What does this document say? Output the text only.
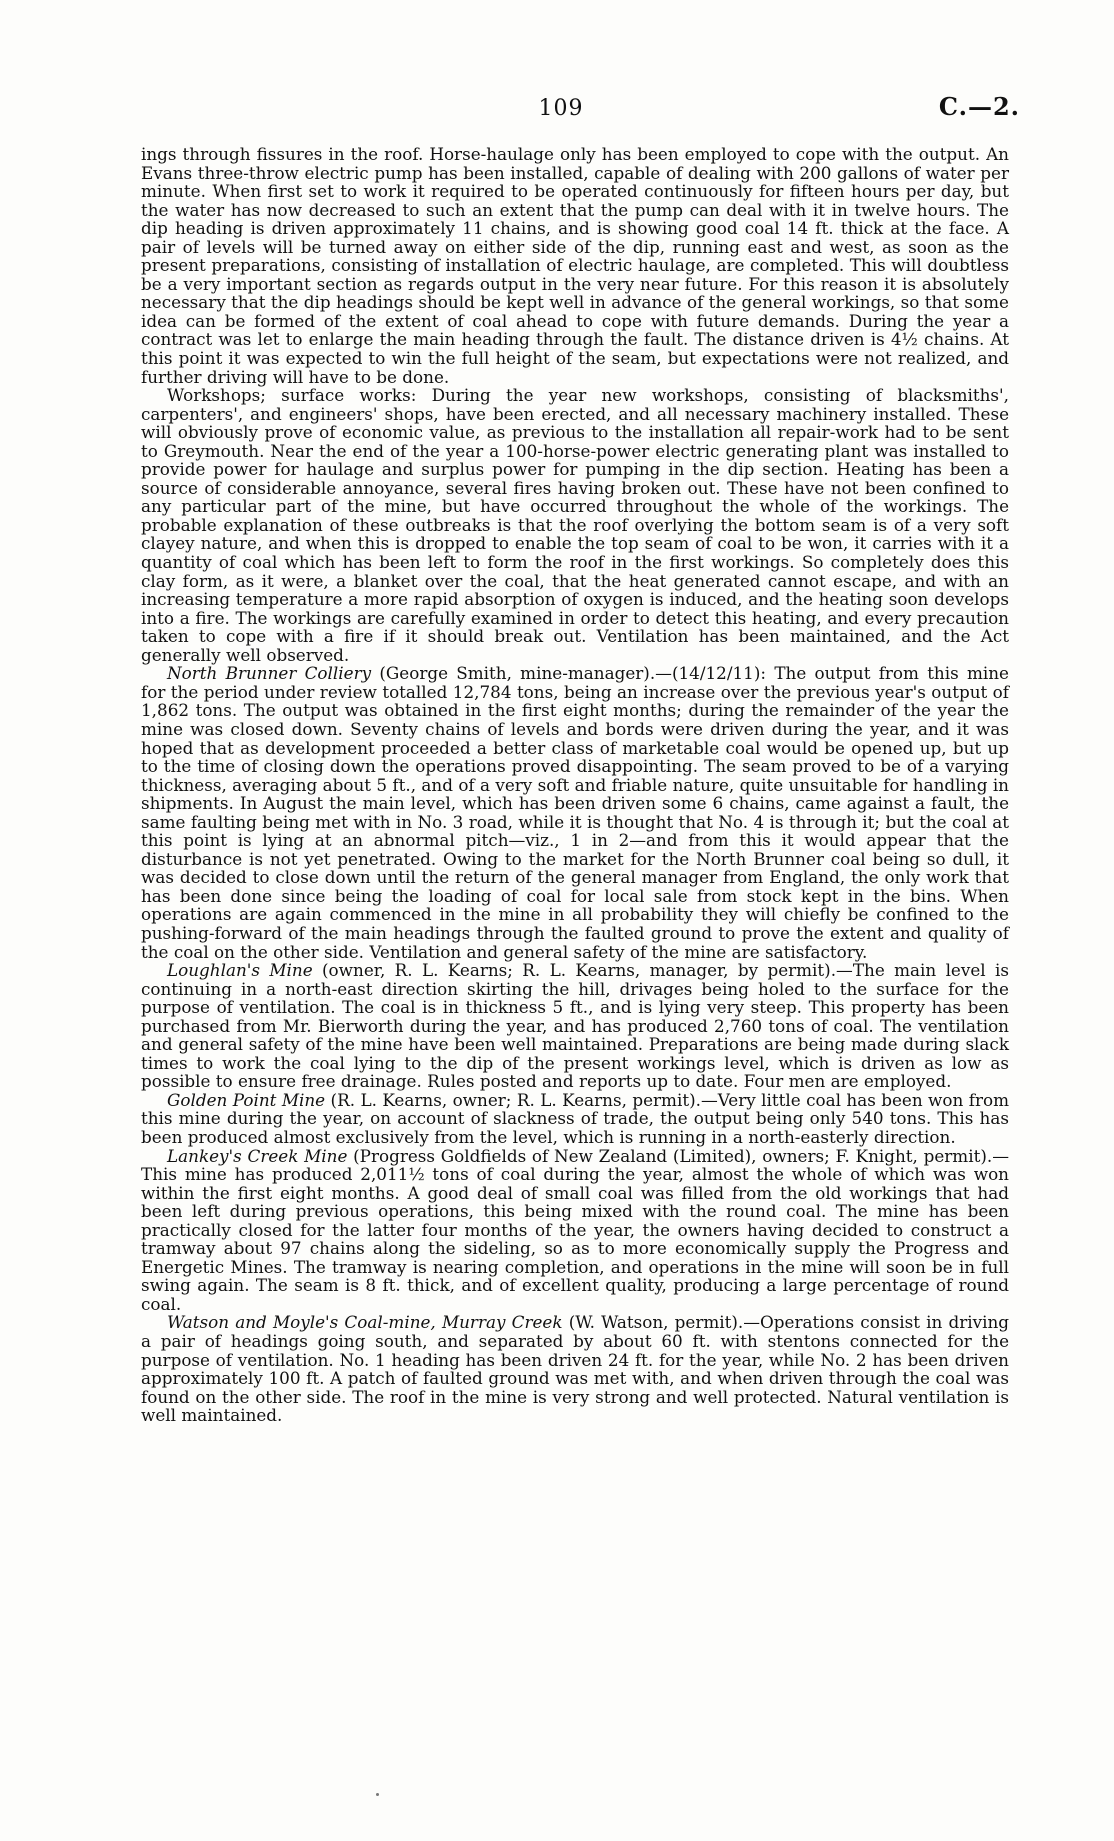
109	C.—2.

ings through fissures in the roof. Horse-haulage only has been employed to cope with the output. An Evans three-throw electric pump has been installed, capable of dealing with 200 gallons of water per minute. When first set to work it required to be operated continuously for fifteen hours per day, but the water has now decreased to such an extent that the pump can deal with it in twelve hours. The dip heading is driven approximately 11 chains, and is showing good coal 14 ft. thick at the face. A pair of levels will be turned away on either side of the dip, running east and west, as soon as the present preparations, consisting of installation of electric haulage, are completed. This will doubtless be a very important section as regards output in the very near future. For this reason it is absolutely necessary that the dip headings should be kept well in advance of the general workings, so that some idea can be formed of the extent of coal ahead to cope with future demands. During the year a contract was let to enlarge the main heading through the fault. The distance driven is 4½ chains. At this point it was expected to win the full height of the seam, but expectations were not realized, and further driving will have to be done.

Workshops; surface works: During the year new workshops, consisting of blacksmiths', carpenters', and engineers' shops, have been erected, and all necessary machinery installed. These will obviously prove of economic value, as previous to the installation all repair-work had to be sent to Greymouth. Near the end of the year a 100-horse-power electric generating plant was installed to provide power for haulage and surplus power for pumping in the dip section. Heating has been a source of considerable annoyance, several fires having broken out. These have not been confined to any particular part of the mine, but have occurred throughout the whole of the workings. The probable explanation of these outbreaks is that the roof overlying the bottom seam is of a very soft clayey nature, and when this is dropped to enable the top seam of coal to be won, it carries with it a quantity of coal which has been left to form the roof in the first workings. So completely does this clay form, as it were, a blanket over the coal, that the heat generated cannot escape, and with an increasing temperature a more rapid absorption of oxygen is induced, and the heating soon develops into a fire. The workings are carefully examined in order to detect this heating, and every precaution taken to cope with a fire if it should break out. Ventilation has been maintained, and the Act generally well observed.

North Brunner Colliery (George Smith, mine-manager).—(14/12/11): The output from this mine for the period under review totalled 12,784 tons, being an increase over the previous year's output of 1,862 tons. The output was obtained in the first eight months; during the remainder of the year the mine was closed down. Seventy chains of levels and bords were driven during the year, and it was hoped that as development proceeded a better class of marketable coal would be opened up, but up to the time of closing down the operations proved disappointing. The seam proved to be of a varying thickness, averaging about 5 ft., and of a very soft and friable nature, quite unsuitable for handling in shipments. In August the main level, which has been driven some 6 chains, came against a fault, the same faulting being met with in No. 3 road, while it is thought that No. 4 is through it; but the coal at this point is lying at an abnormal pitch—viz., 1 in 2—and from this it would appear that the disturbance is not yet penetrated. Owing to the market for the North Brunner coal being so dull, it was decided to close down until the return of the general manager from England, the only work that has been done since being the loading of coal for local sale from stock kept in the bins. When operations are again commenced in the mine in all probability they will chiefly be confined to the pushing-forward of the main headings through the faulted ground to prove the extent and quality of the coal on the other side. Ventilation and general safety of the mine are satisfactory.

Loughlan's Mine (owner, R. L. Kearns; R. L. Kearns, manager, by permit).—The main level is continuing in a north-east direction skirting the hill, drivages being holed to the surface for the purpose of ventilation. The coal is in thickness 5 ft., and is lying very steep. This property has been purchased from Mr. Bierworth during the year, and has produced 2,760 tons of coal. The ventilation and general safety of the mine have been well maintained. Preparations are being made during slack times to work the coal lying to the dip of the present workings level, which is driven as low as possible to ensure free drainage. Rules posted and reports up to date. Four men are employed.

Golden Point Mine (R. L. Kearns, owner; R. L. Kearns, permit).—Very little coal has been won from this mine during the year, on account of slackness of trade, the output being only 540 tons. This has been produced almost exclusively from the level, which is running in a north-easterly direction.

Lankey's Creek Mine (Progress Goldfields of New Zealand (Limited), owners; F. Knight, permit).—This mine has produced 2,011½ tons of coal during the year, almost the whole of which was won within the first eight months. A good deal of small coal was filled from the old workings that had been left during previous operations, this being mixed with the round coal. The mine has been practically closed for the latter four months of the year, the owners having decided to construct a tramway about 97 chains along the sideling, so as to more economically supply the Progress and Energetic Mines. The tramway is nearing completion, and operations in the mine will soon be in full swing again. The seam is 8 ft. thick, and of excellent quality, producing a large percentage of round coal.

Watson and Moyle's Coal-mine, Murray Creek (W. Watson, permit).—Operations consist in driving a pair of headings going south, and separated by about 60 ft. with stentons connected for the purpose of ventilation. No. 1 heading has been driven 24 ft. for the year, while No. 2 has been driven approximately 100 ft. A patch of faulted ground was met with, and when driven through the coal was found on the other side. The roof in the mine is very strong and well protected. Natural ventilation is well maintained.
